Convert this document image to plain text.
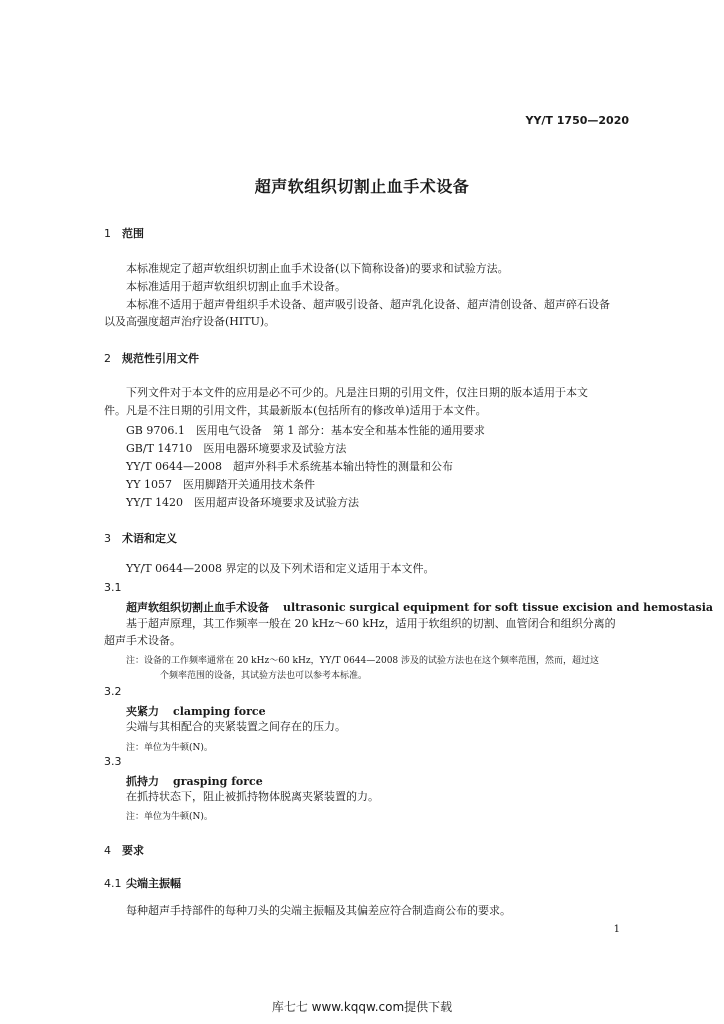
YY/T 1750—2020
超声软组织切割止血手术设备
1 范围
本标准规定了超声软组织切割止血手术设备(以下简称设备)的要求和试验方法。
本标准适用于超声软组织切割止血手术设备。
本标准不适用于超声骨组织手术设备、超声吸引设备、超声乳化设备、超声清创设备、超声碎石设备
以及高强度超声治疗设备(HITU)。
2 规范性引用文件
下列文件对于本文件的应用是必不可少的。凡是注日期的引用文件，仅注日期的版本适用于本文
件。凡是不注日期的引用文件，其最新版本(包括所有的修改单)适用于本文件。
GB 9706.1　医用电气设备　第 1 部分：基本安全和基本性能的通用要求
GB/T 14710　医用电器环境要求及试验方法
YY/T 0644—2008　超声外科手术系统基本输出特性的测量和公布
YY 1057　医用脚踏开关通用技术条件
YY/T 1420　医用超声设备环境要求及试验方法
3 术语和定义
YY/T 0644—2008 界定的以及下列术语和定义适用于本文件。
3.1
超声软组织切割止血手术设备 ultrasonic surgical equipment for soft tissue excision and hemostasia
基于超声原理，其工作频率一般在 20 kHz～60 kHz，适用于软组织的切割、血管闭合和组织分离的
超声手术设备。
注：设备的工作频率通常在 20 kHz～60 kHz，YY/T 0644—2008 涉及的试验方法也在这个频率范围，然而，超过这
个频率范围的设备，其试验方法也可以参考本标准。
3.2
夹紧力 clamping force
尖端与其相配合的夹紧装置之间存在的压力。
注：单位为牛顿(N)。
3.3
抓持力 grasping force
在抓持状态下，阻止被抓持物体脱离夹紧装置的力。
注：单位为牛顿(N)。
4 要求
4.1 尖端主振幅
每种超声手持部件的每种刀头的尖端主振幅及其偏差应符合制造商公布的要求。
1
库七七 www.kqqw.com提供下载
